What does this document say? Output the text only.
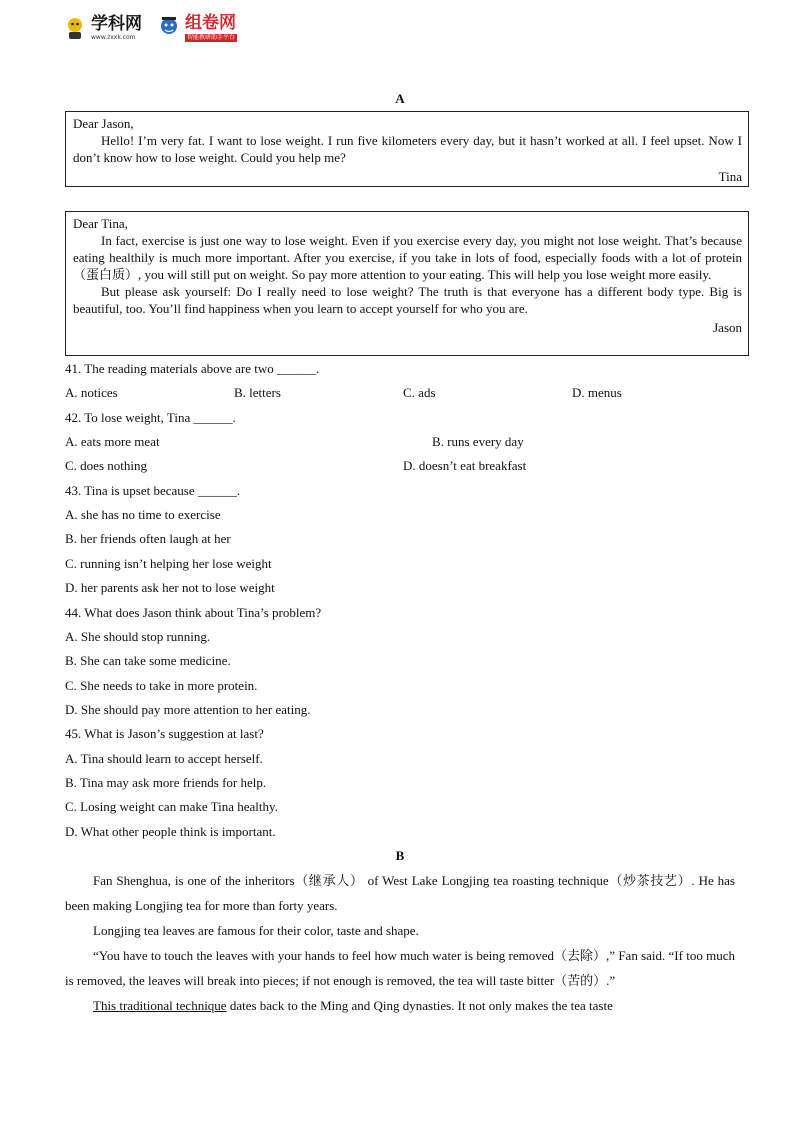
学科网
www.zxxk.com
组卷网
智能教研助手平台
A

Dear Jason,

Hello! I’m very fat. I want to lose weight. I run five kilometers every day, but it hasn’t worked at all. I feel upset. Now I don’t know how to lose weight. Could you help me?

Tina

Dear Tina,

In fact, exercise is just one way to lose weight. Even if you exercise every day, you might not lose weight. That’s because eating healthily is much more important. After you exercise, if you take in lots of food, especially foods with a lot of protein（蛋白质）, you will still put on weight. So pay more attention to your eating. This will help you lose weight more easily.

But please ask yourself: Do I really need to lose weight? The truth is that everyone has a different body type. Big is beautiful, too. You’ll find happiness when you learn to accept yourself for who you are.

Jason

41. The reading materials above are two ______.
A. notices	B. letters	C. ads	D. menus
42. To lose weight, Tina ______.
A. eats more meat	B. runs every day
C. does nothing	D. doesn’t eat breakfast
43. Tina is upset because ______.
A. she has no time to exercise
B. her friends often laugh at her
C. running isn’t helping her lose weight
D. her parents ask her not to lose weight
44. What does Jason think about Tina’s problem?
A. She should stop running.
B. She can take some medicine.
C. She needs to take in more protein.
D. She should pay more attention to her eating.
45. What is Jason’s suggestion at last?
A. Tina should learn to accept herself.
B. Tina may ask more friends for help.
C. Losing weight can make Tina healthy.
D. What other people think is important.
B

Fan Shenghua, is one of the inheritors（继承人） of West Lake Longjing tea roasting technique（炒茶技艺）. He has been making Longjing tea for more than forty years.

Longjing tea leaves are famous for their color, taste and shape.

“You have to touch the leaves with your hands to feel how much water is being removed（去除）,” Fan said. “If too much is removed, the leaves will break into pieces; if not enough is removed, the tea will taste bitter（苦的）.”

This traditional technique dates back to the Ming and Qing dynasties. It not only makes the tea taste
